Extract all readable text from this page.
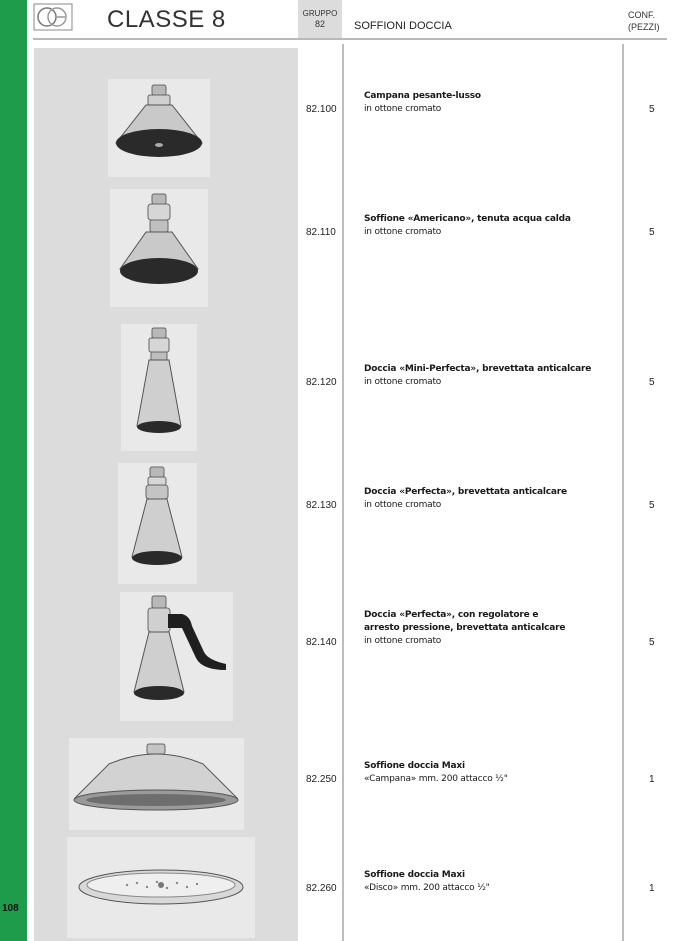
108
CLASSE 8	GRUPPO
82	SOFFIONI DOCCIA
CONF.
(PEZZI)
82.100
Campana pesante-lusso
in ottone cromato	5
82.110
Soffione «Americano», tenuta acqua calda
in ottone cromato	5
82.120
Doccia «Mini-Perfecta», brevettata anticalcare
in ottone cromato	5
82.130
Doccia «Perfecta», brevettata anticalcare
in ottone cromato	5
82.140
Doccia «Perfecta», con regolatore e
arresto pressione, brevettata anticalcare
in ottone cromato	5
82.250
Soffione doccia Maxi
«Campana» mm. 200 attacco ½"	1
82.260
Soffione doccia Maxi
«Disco» mm. 200 attacco ½"	1
